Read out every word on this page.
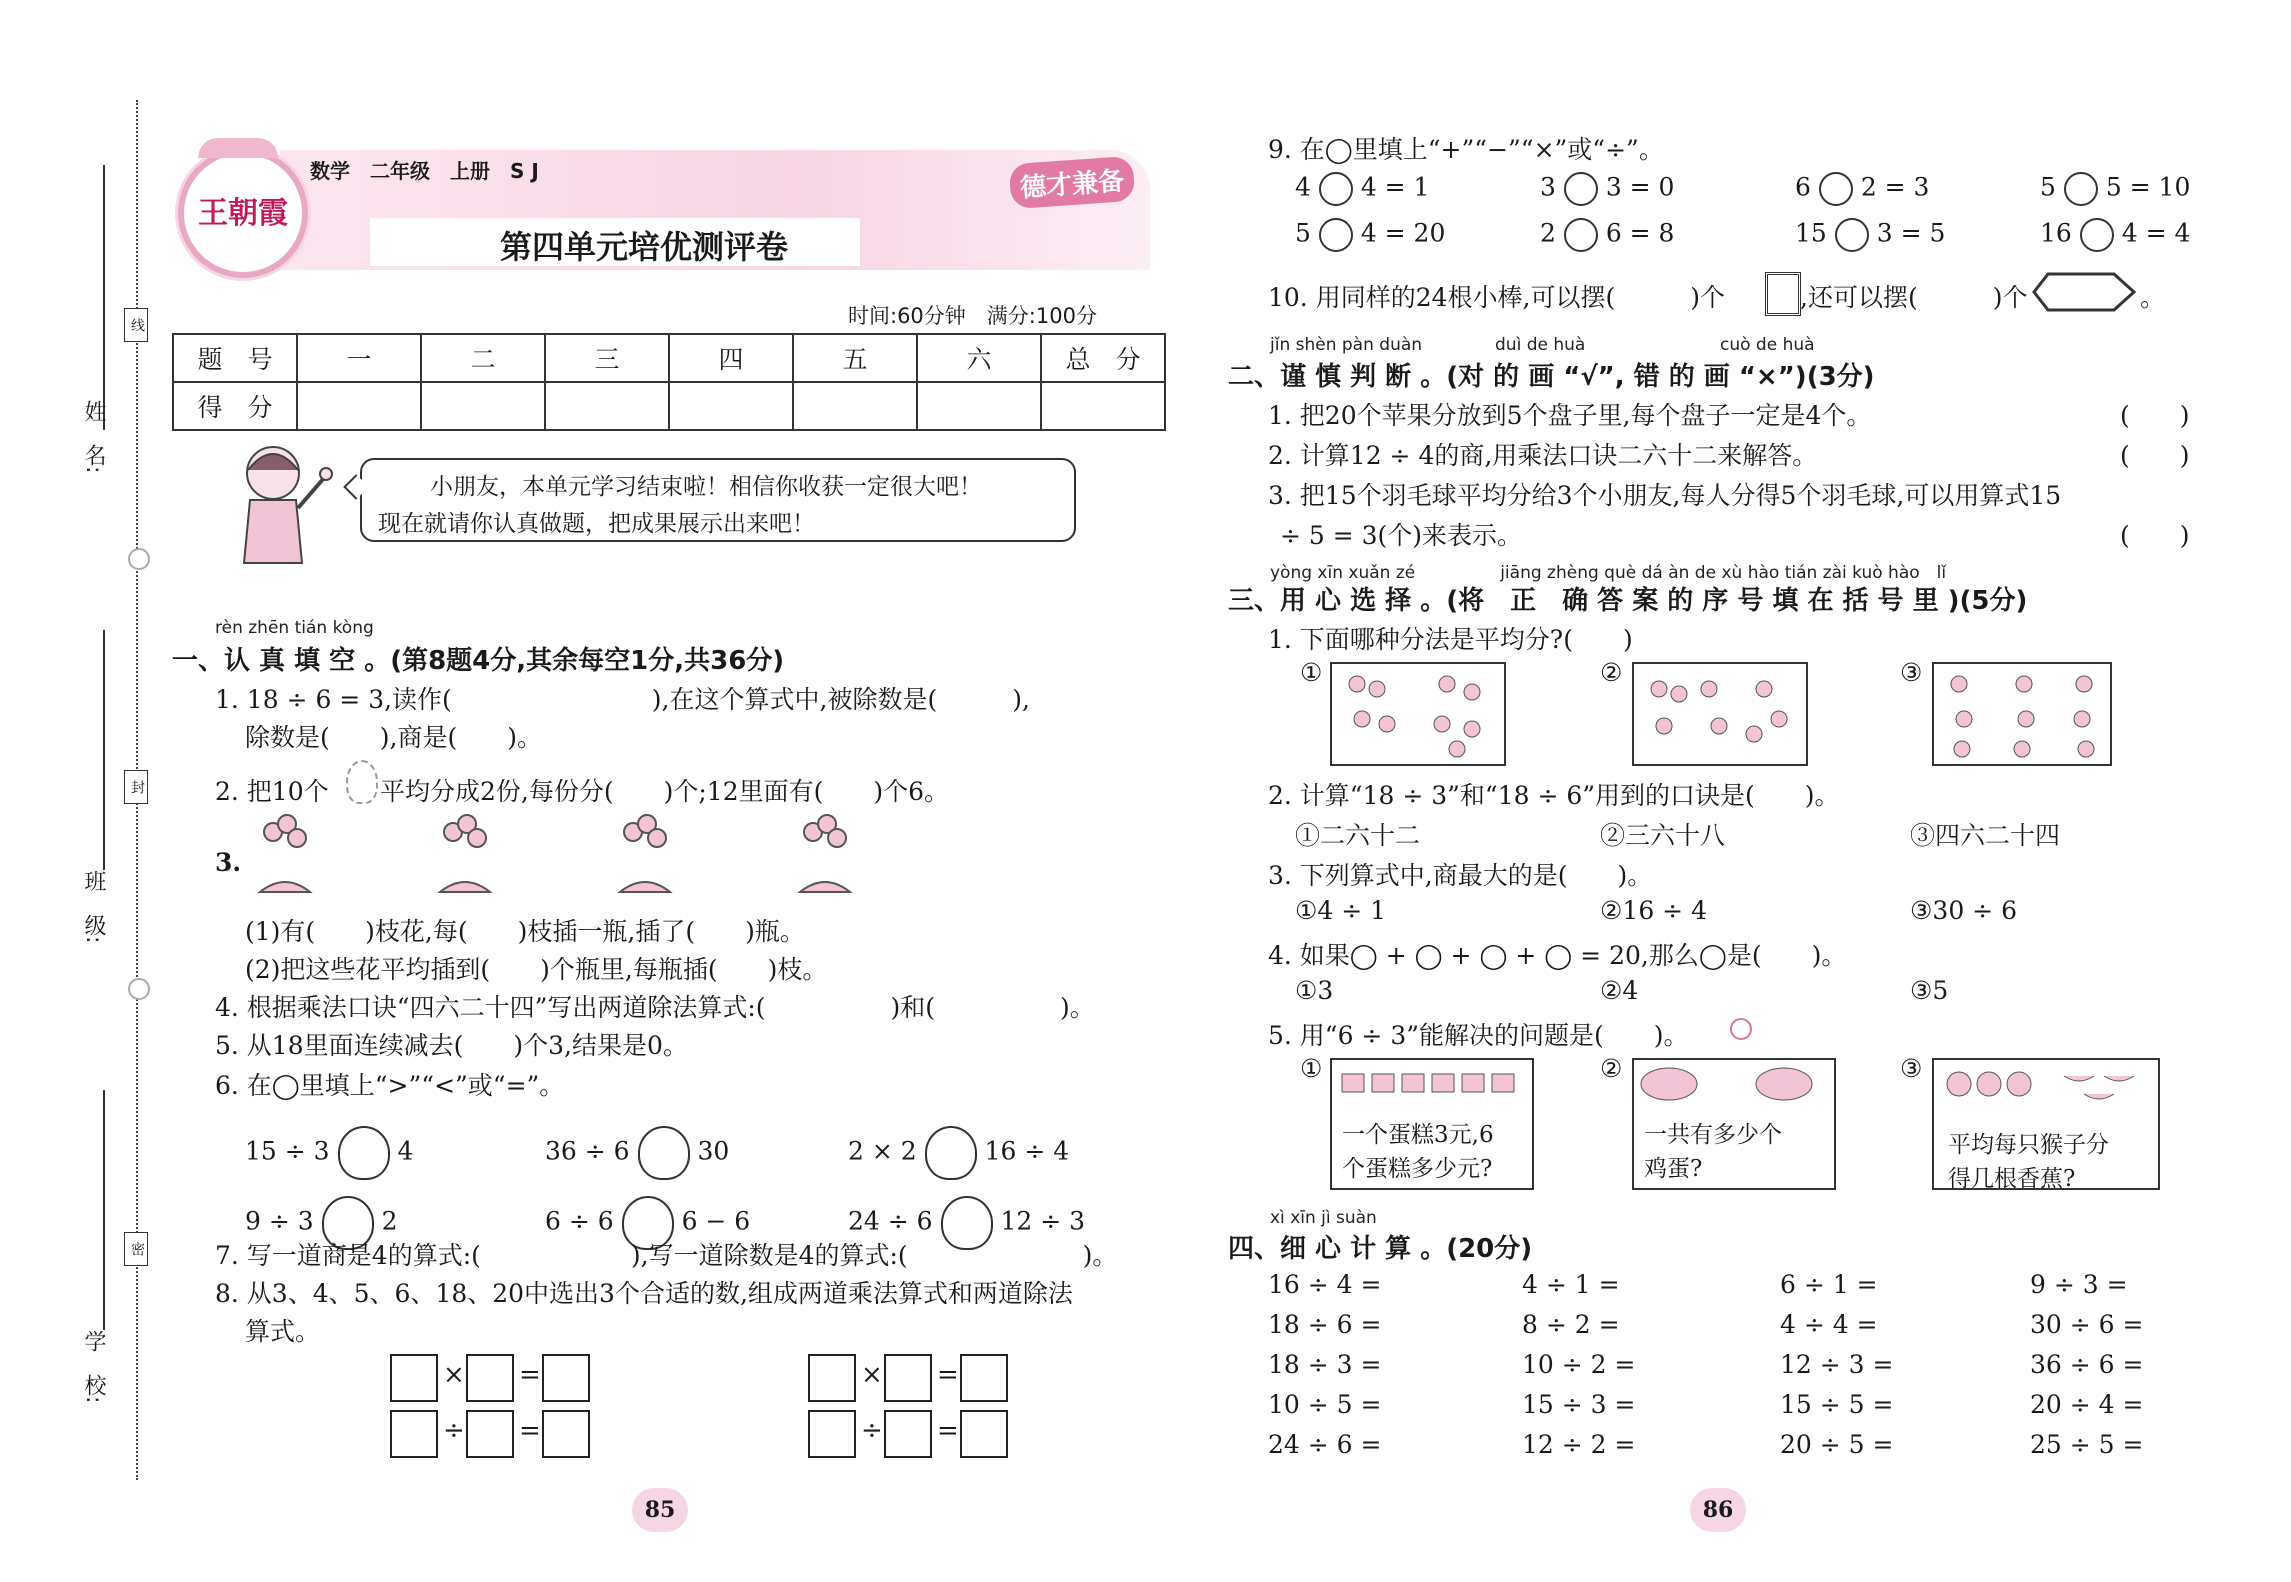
姓　名:
线
班　级:
封
学　校:
密
王朝霞
数学　二年级　上册　S J	德才兼备
第四单元培优测评卷
时间:60分钟　满分:100分
题　号	一	二	三	四	五	六	总　分
得　分							
小朋友，本单元学习结束啦！相信你收获一定很大吧！
现在就请你认真做题，把成果展示出来吧！
rèn zhēn tián kòng
一、认 真 填 空 。(第8题4分,其余每空1分,共36分)
1. 18 ÷ 6 = 3,读作(　　　　　　　　),在这个算式中,被除数是(　　　),
除数是(　　),商是(　　)。
2. 把10个 平均分成2份,每份分(　　)个;12里面有(　　)个6。
3.
(1)有(　　)枝花,每(　　)枝插一瓶,插了(　　)瓶。
(2)把这些花平均插到(　　)个瓶里,每瓶插(　　)枝。
4. 根据乘法口诀“四六二十四”写出两道除法算式:(　　　　　)和(　　　　　)。
5. 从18里面连续减去(　　)个3,结果是0。
6. 在◯里填上“>”“<”或“=”。
15 ÷ 3	4	36 ÷ 6	30	2 × 2	16 ÷ 4
9 ÷ 3	2	6 ÷ 6	6 − 6	24 ÷ 6	12 ÷ 3
7. 写一道商是4的算式:(　　　　　　),写一道除数是4的算式:(　　　　　　　)。
8. 从3、4、5、6、18、20中选出3个合适的数,组成两道乘法算式和两道除法
算式。
× =
÷ =
× =
÷ =
9. 在◯里填上“+”“−”“×”或“÷”。
4 4 = 1	3 3 = 0	6 2 = 3	5 5 = 10
5 4 = 20	2 6 = 8	15 3 = 5	16 4 = 4
10. 用同样的24根小棒,可以摆(　　　)个	,还可以摆(　　　)个	。
jǐn shèn pàn duàn	duì de huà	cuò de huà
二、谨 慎 判 断 。(对 的 画 “√”, 错 的 画 “×”)(3分)
1. 把20个苹果分放到5个盘子里,每个盘子一定是4个。	(　　)
2. 计算12 ÷ 4的商,用乘法口诀二六十二来解答。	(　　)
3. 把15个羽毛球平均分给3个小朋友,每人分得5个羽毛球,可以用算式15
÷ 5 = 3(个)来表示。	(　　)
yòng xīn xuǎn zé　　　　　jiāng zhèng què dá àn de xù hào tián zài kuò hào　lǐ
三、用 心 选 择 。(将　正　确 答 案 的 序 号 填 在 括 号 里 )(5分)
1. 下面哪种分法是平均分?(　　)
①	②	③
2. 计算“18 ÷ 3”和“18 ÷ 6”用到的口诀是(　　)。
①二六十二	②三六十八	③四六二十四
3. 下列算式中,商最大的是(　　)。
①4 ÷ 1	②16 ÷ 4	③30 ÷ 6
4. 如果◯ + ◯ + ◯ + ◯ = 20,那么◯是(　　)。
①3	②4	③5
5. 用“6 ÷ 3”能解决的问题是(　　)。
①
一个蛋糕3元,6
个蛋糕多少元?
②
一共有多少个
鸡蛋?
③
平均每只猴子分
得几根香蕉?
xì xīn jì suàn
四、细 心 计 算 。(20分)
16 ÷ 4 =	4 ÷ 1 =	6 ÷ 1 =	9 ÷ 3 =
18 ÷ 6 =	8 ÷ 2 =	4 ÷ 4 =	30 ÷ 6 =
18 ÷ 3 =	10 ÷ 2 =	12 ÷ 3 =	36 ÷ 6 =
10 ÷ 5 =	15 ÷ 3 =	15 ÷ 5 =	20 ÷ 4 =
24 ÷ 6 =	12 ÷ 2 =	20 ÷ 5 =	25 ÷ 5 =
85	86
